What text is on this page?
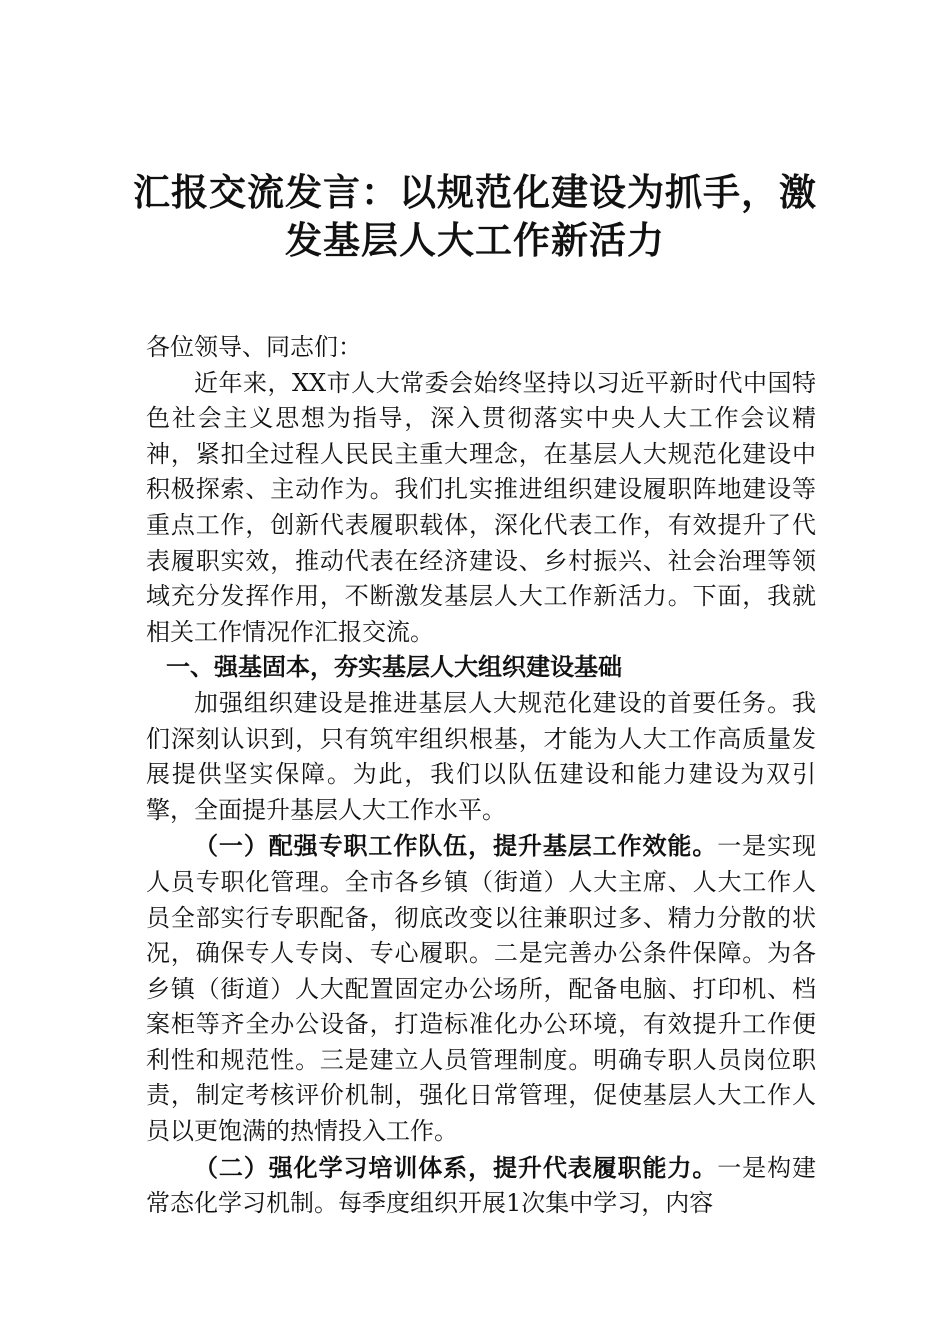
汇报交流发言：以规范化建设为抓手，激
发基层人大工作新活力

各位领导、同志们：

近年来，XX市人大常委会始终坚持以习近平新时代中国特色社会主义思想为指导，深入贯彻落实中央人大工作会议精神，紧扣全过程人民民主重大理念，在基层人大规范化建设中积极探索、主动作为。我们扎实推进组织建设履职阵地建设等重点工作，创新代表履职载体，深化代表工作，有效提升了代表履职实效，推动代表在经济建设、乡村振兴、社会治理等领域充分发挥作用，不断激发基层人大工作新活力。下面，我就相关工作情况作汇报交流。

一、强基固本，夯实基层人大组织建设基础

加强组织建设是推进基层人大规范化建设的首要任务。我们深刻认识到，只有筑牢组织根基，才能为人大工作高质量发展提供坚实保障。为此，我们以队伍建设和能力建设为双引擎，全面提升基层人大工作水平。

（一）配强专职工作队伍，提升基层工作效能。一是实现人员专职化管理。全市各乡镇（街道）人大主席、人大工作人员全部实行专职配备，彻底改变以往兼职过多、精力分散的状况，确保专人专岗、专心履职。二是完善办公条件保障。为各乡镇（街道）人大配置固定办公场所，配备电脑、打印机、档案柜等齐全办公设备，打造标准化办公环境，有效提升工作便利性和规范性。三是建立人员管理制度。明确专职人员岗位职责，制定考核评价机制，强化日常管理，促使基层人大工作人员以更饱满的热情投入工作。

（二）强化学习培训体系，提升代表履职能力。一是构建常态化学习机制。每季度组织开展1次集中学习，内容
